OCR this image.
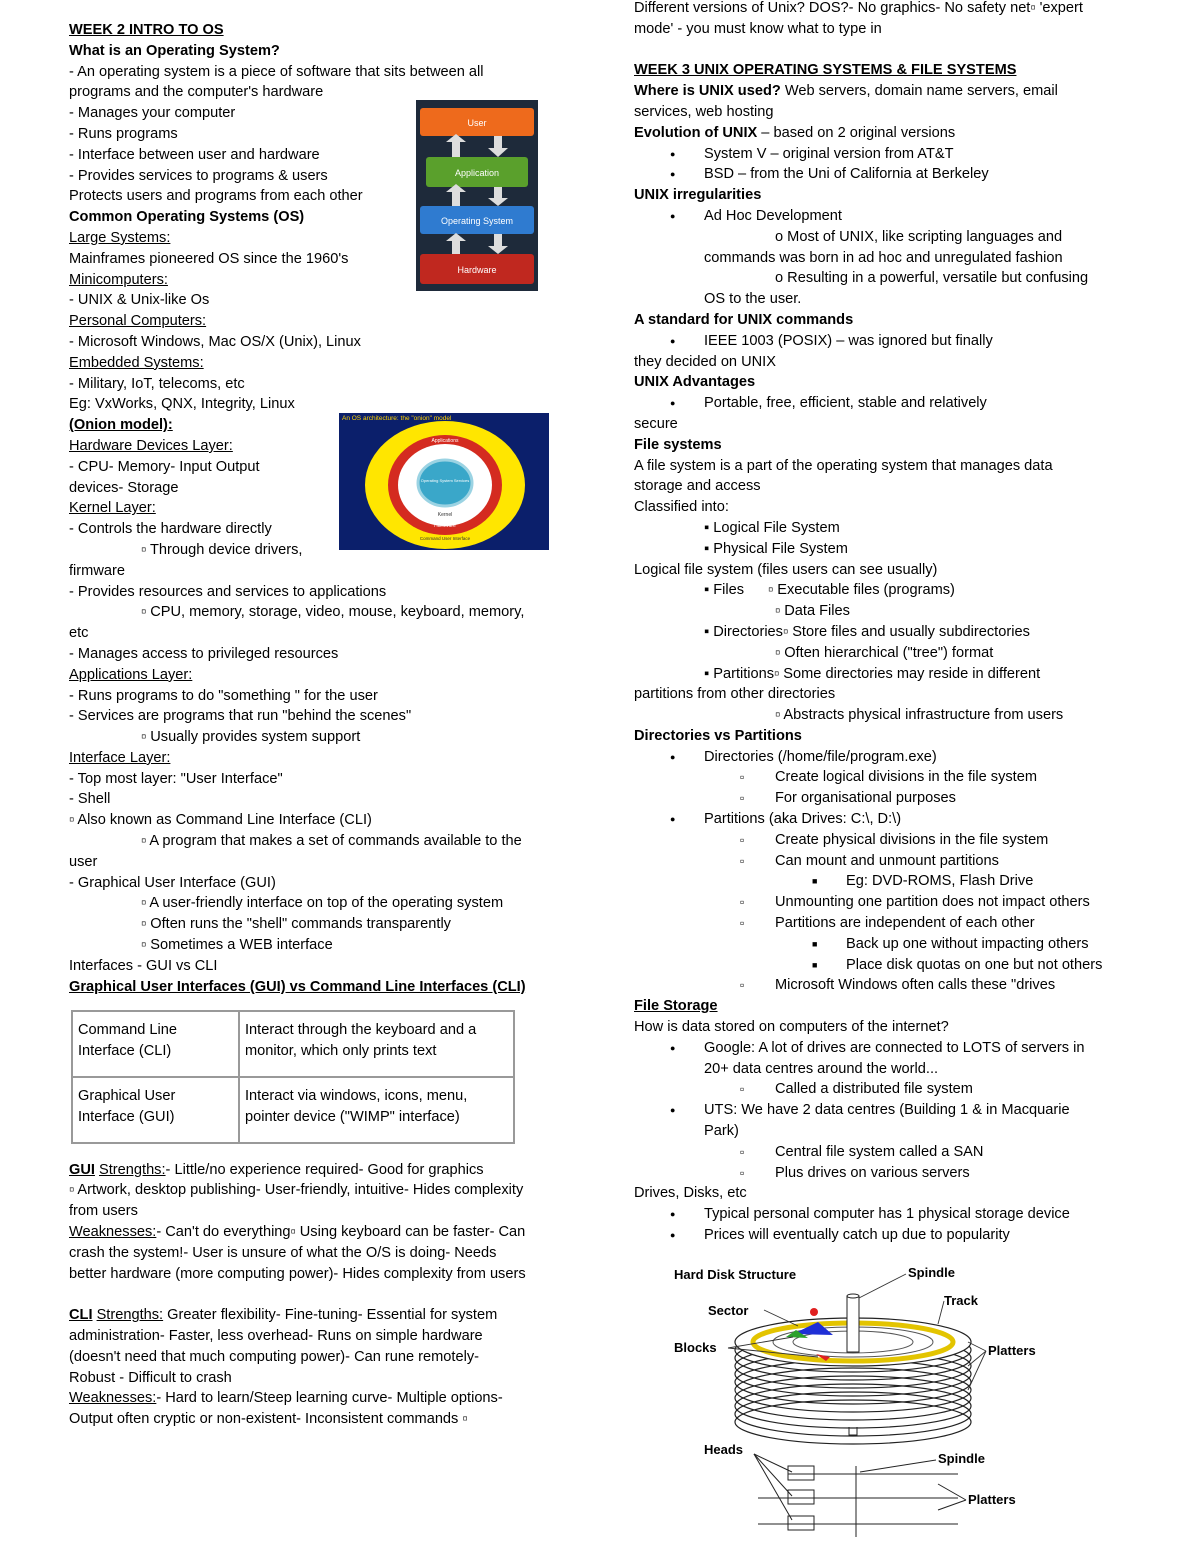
WEEK 2 INTRO TO OS
What is an Operating System?
- An operating system is a piece of software that sits between all
programs and the computer's hardware
- Manages your computer
- Runs programs
- Interface between user and hardware
- Provides services to programs & users
Protects users and programs from each other
Common Operating Systems (OS)
Large Systems:
Mainframes pioneered OS since the 1960's
Minicomputers:
- UNIX & Unix-like Os
Personal Computers:
- Microsoft Windows, Mac OS/X (Unix), Linux
Embedded Systems:
- Military, IoT, telecoms, etc
Eg: VxWorks, QNX, Integrity, Linux
(Onion model):
Hardware Devices Layer:
- CPU- Memory- Input Output
devices- Storage
Kernel Layer:
- Controls the hardware directly
▫ Through device drivers,
firmware
- Provides resources and services to applications
▫ CPU, memory, storage, video, mouse, keyboard, memory,
etc
- Manages access to privileged resources
Applications Layer:
- Runs programs to do "something " for the user
- Services are programs that run "behind the scenes"
▫ Usually provides system support
Interface Layer:
- Top most layer: "User Interface"
- Shell
▫ Also known as Command Line Interface (CLI)
▫ A program that makes a set of commands available to the
user
- Graphical User Interface (GUI)
▫ A user-friendly interface on top of the operating system
▫ Often runs the "shell" commands transparently
▫ Sometimes a WEB interface
Interfaces - GUI vs CLI
Graphical User Interfaces (GUI) vs Command Line Interfaces (CLI)
Command Line Interface (CLI)	Interact through the keyboard and a monitor, which only prints text
Graphical User Interface (GUI)	Interact via windows, icons, menu, pointer device ("WIMP" interface)
GUI Strengths:- Little/no experience required- Good for graphics
▫ Artwork, desktop publishing- User-friendly, intuitive- Hides complexity
from users
Weaknesses:- Can't do everything▫ Using keyboard can be faster- Can
crash the system!- User is unsure of what the O/S is doing- Needs
better hardware (more computing power)- Hides complexity from users
CLI Strengths: Greater flexibility- Fine-tuning- Essential for system
administration- Faster, less overhead- Runs on simple hardware
(doesn't need that much computing power)- Can rune remotely-
Robust - Difficult to crash
Weaknesses:- Hard to learn/Steep learning curve- Multiple options-
Output often cryptic or non-existent- Inconsistent commands ▫
User
Application
Operating System
Hardware
An OS architecture: the "onion" model
Applications
Kernel
Hardware
Operating System Services
Command User Interface
Different versions of Unix? DOS?- No graphics- No safety net▫ 'expert
mode' - you must know what to type in
WEEK 3 UNIX OPERATING SYSTEMS & FILE SYSTEMS
Where is UNIX used? Web servers, domain name servers, email
services, web hosting
Evolution of UNIX – based on 2 original versions
● System V – original version from AT&T
● BSD – from the Uni of California at Berkeley
UNIX irregularities
● Ad Hoc Development
o Most of UNIX, like scripting languages and
commands was born in ad hoc and unregulated fashion
o Resulting in a powerful, versatile but confusing
OS to the user.
A standard for UNIX commands
● IEEE 1003 (POSIX) – was ignored but finally
they decided on UNIX
UNIX Advantages
● Portable, free, efficient, stable and relatively
secure
File systems
A file system is a part of the operating system that manages data
storage and access
Classified into:
▪ Logical File System
▪ Physical File System
Logical file system (files users can see usually)
▪ Files ▫ Executable files (programs)
▫ Data Files
▪ Directories▫ Store files and usually subdirectories
▫ Often hierarchical ("tree") format
▪ Partitions▫ Some directories may reside in different
partitions from other directories
▫ Abstracts physical infrastructure from users
Directories vs Partitions
● Directories (/home/file/program.exe)
▫ Create logical divisions in the file system
▫ For organisational purposes
● Partitions (aka Drives: C:\, D:\)
▫ Create physical divisions in the file system
▫ Can mount and unmount partitions
■ Eg: DVD-ROMS, Flash Drive
▫ Unmounting one partition does not impact others
▫ Partitions are independent of each other
■ Back up one without impacting others
■ Place disk quotas on one but not others
▫ Microsoft Windows often calls these "drives
File Storage
How is data stored on computers of the internet?
● Google: A lot of drives are connected to LOTS of servers in
20+ data centres around the world...
▫ Called a distributed file system
● UTS: We have 2 data centres (Building 1 & in Macquarie
Park)
▫ Central file system called a SAN
▫ Plus drives on various servers
Drives, Disks, etc
● Typical personal computer has 1 physical storage device
● Prices will eventually catch up due to popularity
Hard Disk Structure	Spindle
Track
Sector
Blocks	Platters
Heads
Spindle
Platters
